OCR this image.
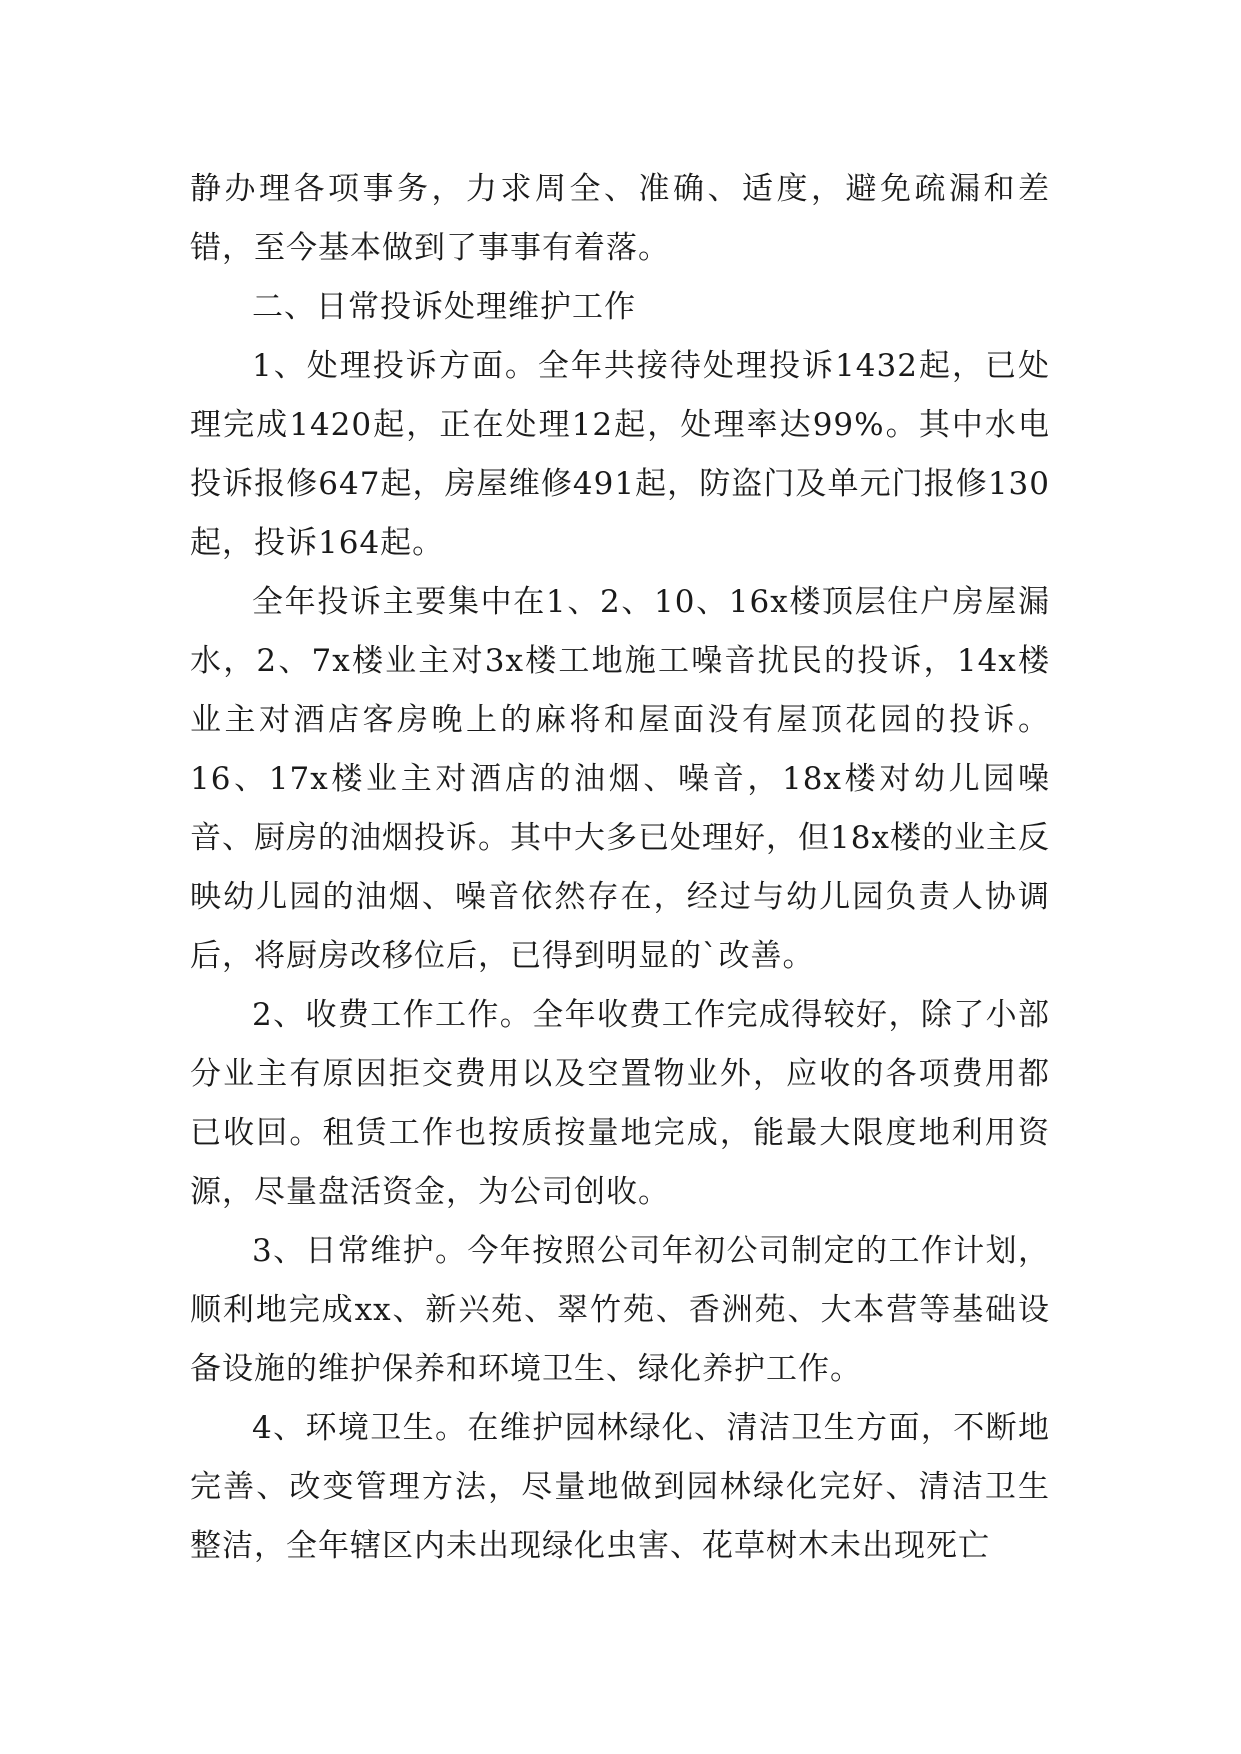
静办理各项事务，力求周全、准确、适度，避免疏漏和差错，至今基本做到了事事有着落。

二、日常投诉处理维护工作

1、处理投诉方面。全年共接待处理投诉1432起，已处理完成1420起，正在处理12起，处理率达99%。其中水电投诉报修647起，房屋维修491起，防盗门及单元门报修130起，投诉164起。

全年投诉主要集中在1、2、10、16x楼顶层住户房屋漏水，2、7x楼业主对3x楼工地施工噪音扰民的投诉，14x楼业主对酒店客房晚上的麻将和屋面没有屋顶花园的投诉。16、17x楼业主对酒店的油烟、噪音，18x楼对幼儿园噪音、厨房的油烟投诉。其中大多已处理好，但18x楼的业主反映幼儿园的油烟、噪音依然存在，经过与幼儿园负责人协调后，将厨房改移位后，已得到明显的`改善。

2、收费工作工作。全年收费工作完成得较好，除了小部分业主有原因拒交费用以及空置物业外，应收的各项费用都已收回。租赁工作也按质按量地完成，能最大限度地利用资源，尽量盘活资金，为公司创收。

3、日常维护。今年按照公司年初公司制定的工作计划，顺利地完成xx、新兴苑、翠竹苑、香洲苑、大本营等基础设备设施的维护保养和环境卫生、绿化养护工作。

4、环境卫生。在维护园林绿化、清洁卫生方面，不断地完善、改变管理方法，尽量地做到园林绿化完好、清洁卫生整洁，全年辖区内未出现绿化虫害、花草树木未出现死亡
